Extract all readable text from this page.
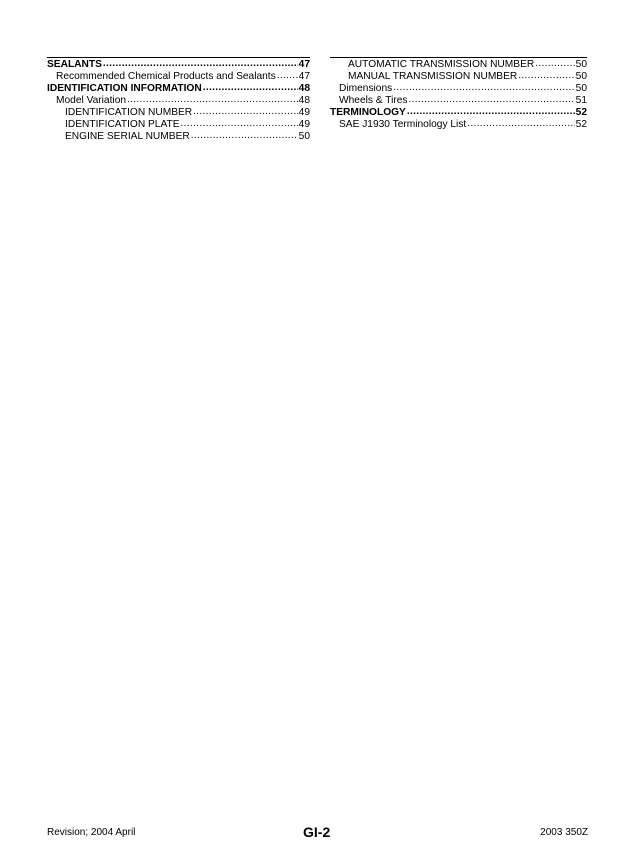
SEALANTS .....	47
Recommended Chemical Products and Sealants ..... 47
IDENTIFICATION INFORMATION .....	48
Model Variation .....	48
IDENTIFICATION NUMBER .....	49
IDENTIFICATION PLATE .....	49
ENGINE SERIAL NUMBER .....	50
AUTOMATIC TRANSMISSION NUMBER .....	50
MANUAL TRANSMISSION NUMBER .....	50
Dimensions .....	50
Wheels & Tires .....	51
TERMINOLOGY .....	52
SAE J1930 Terminology List .....	52
Revision; 2004 April	GI-2	2003 350Z
